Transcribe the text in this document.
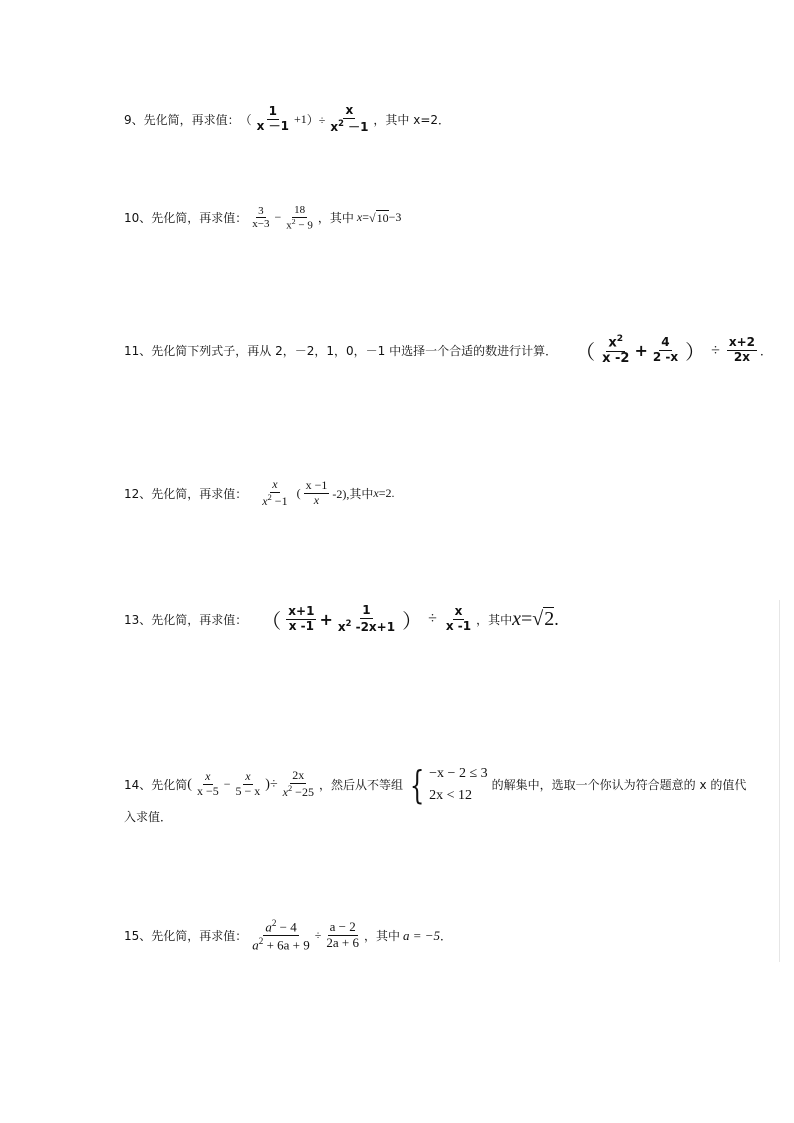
9、先化简，再求值： （ $\frac{1}{x -1} +1$ ）÷ $\frac{x}{x^2 -1}$ ，其中 x=2．
10、先化简，再求值： $\frac{3}{x-3} - \frac{18}{x^2 - 9}$ ，其中 x = √ 10 −3
11、先化简下列式子，再从 2，－2，1，0，－1 中选择一个合适的数进行计算． （ $\frac{x^2}{x -2} + \frac{4}{2 -x}$ ） ÷ $\frac{x+2}{2x}$ ．
12、先化简，再求值： $\frac{x}{x^2 -1}$ ( $\frac{x -1}{x} -2$),其中 x =2.
13、先化简，再求值： （ $\frac{x+1}{x -1} + \frac{1}{x^2 -2x+1}$ ） ÷ $\frac{x}{x -1}$ ，其中 x = √ 2 .
14、先化简 ( $\frac{x}{x -5} - \frac{x}{5 - x}$ )÷ $\frac{2x}{x^2 -25}$ ，然后从不等组 { −x − 2 ≤ 3
2x < 12
的解集中，选取一个你认为符合题意的 x 的值代
入求值．
15、先化简，再求值： $\frac{a^2 - 4}{a^2 + 6a + 9} \div \frac{a - 2}{2a + 6}$ ，其中 a = −5 ．
